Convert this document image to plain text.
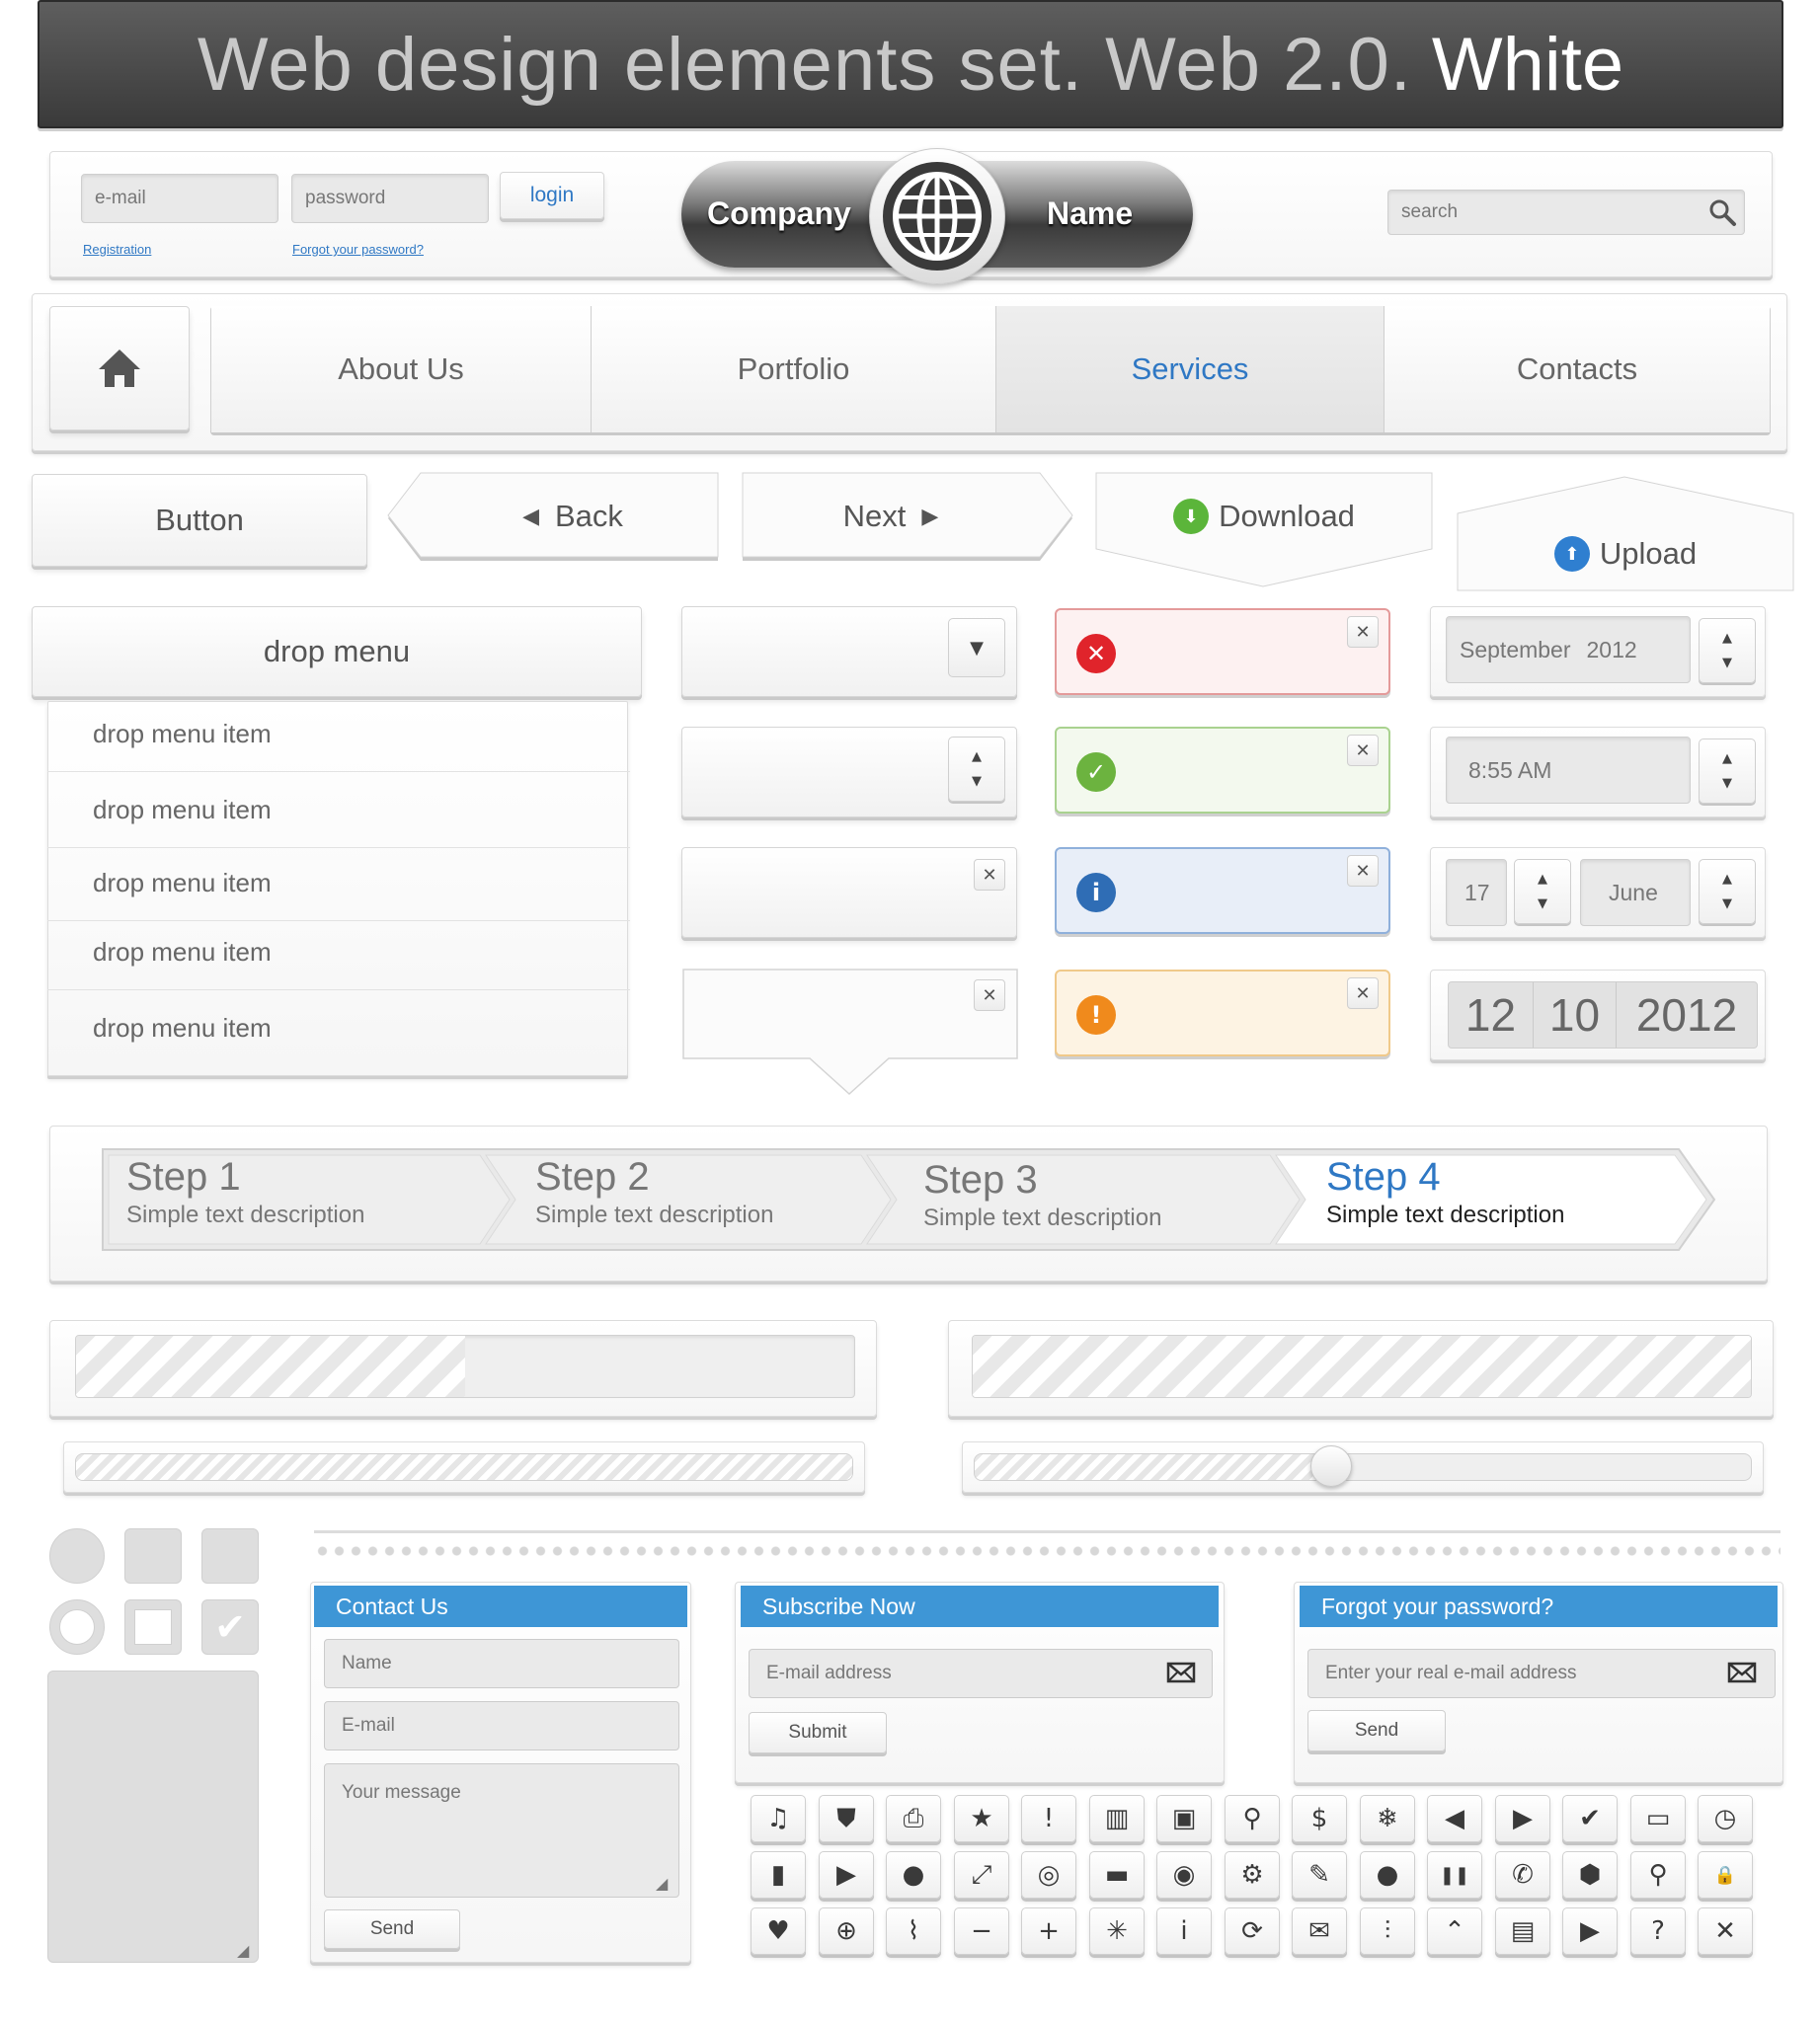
Web design elements set. Web 2.0. White
e-mail	password	login
Registration	Forgot your password?
Company	Name	search
About Us	Portfolio	Services	Contacts
Button	◀ Back	Next ▶	⬇ Download
⬆ Upload
drop menu
drop menu item
drop menu item
drop menu item
drop menu item
drop menu item
▼
▲
▼
✕
✕
✕
✕
✓
✕
i
✕
!
✕
September 2012	▲
▼
8:55 AM	▲
▼
17	▲
▼	June	▲
▼
12 10 2012
Step 1
Simple text description
Step 2
Simple text description
Step 3
Simple text description
Step 4
Simple text description
✔
◢
Contact Us
Name
E-mail
Your message
◢
Send
Subscribe Now
E-mail address
Submit
Forgot your password?
Enter your real e-mail address
Send
♫	⛊	⎙	★	!	▥	▣	⚲	$	❄	◀	▶	✔	▭	◷
▮	▶	●	⤢	◎	▬	◉	⚙	✎	●	❚❚	✆	⬢	⚲	🔒
♥	⊕	⌇	−	+	✳	i	⟳	✉	⫶	⌃	▤	▶	?	✕
